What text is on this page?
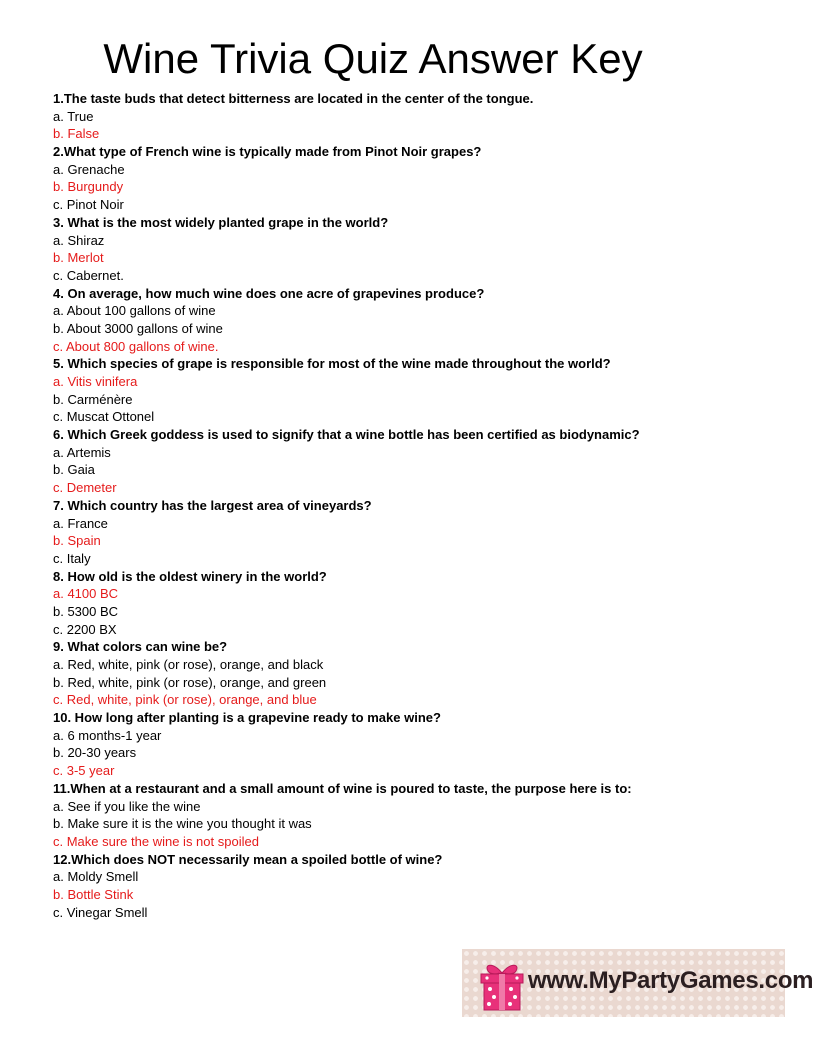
Wine Trivia Quiz Answer Key
1.The taste buds that detect bitterness are located in the center of the tongue.
a. True
b. False
2.What type of French wine is typically made from Pinot Noir grapes?
a. Grenache
b. Burgundy
c. Pinot Noir
3. What is the most widely planted grape in the world?
a. Shiraz
b. Merlot
c. Cabernet.
4. On average, how much wine does one acre of grapevines produce?
a. About 100 gallons of wine
b. About 3000 gallons of wine
c. About 800 gallons of wine.
5. Which species of grape is responsible for most of the wine made throughout the world?
a. Vitis vinifera
b. Carménère
c. Muscat Ottonel
6. Which Greek goddess is used to signify that a wine bottle has been certified as biodynamic?
a. Artemis
b. Gaia
c. Demeter
7. Which country has the largest area of vineyards?
a. France
b. Spain
c. Italy
8. How old is the oldest winery in the world?
a. 4100 BC
b. 5300 BC
c. 2200 BX
9. What colors can wine be?
a. Red, white, pink (or rose), orange, and black
b. Red, white, pink (or rose), orange, and green
c. Red, white, pink (or rose), orange, and blue
10. How long after planting is a grapevine ready to make wine?
a. 6 months-1 year
b. 20-30 years
c. 3-5 year
11.When at a restaurant and a small amount of wine is poured to taste, the purpose here is to:
a. See if you like the wine
b. Make sure it is the wine you thought it was
c. Make sure the wine is not spoiled
12.Which does NOT necessarily mean a spoiled bottle of wine?
a. Moldy Smell
b. Bottle Stink
c. Vinegar Smell
www.MyPartyGames.com
